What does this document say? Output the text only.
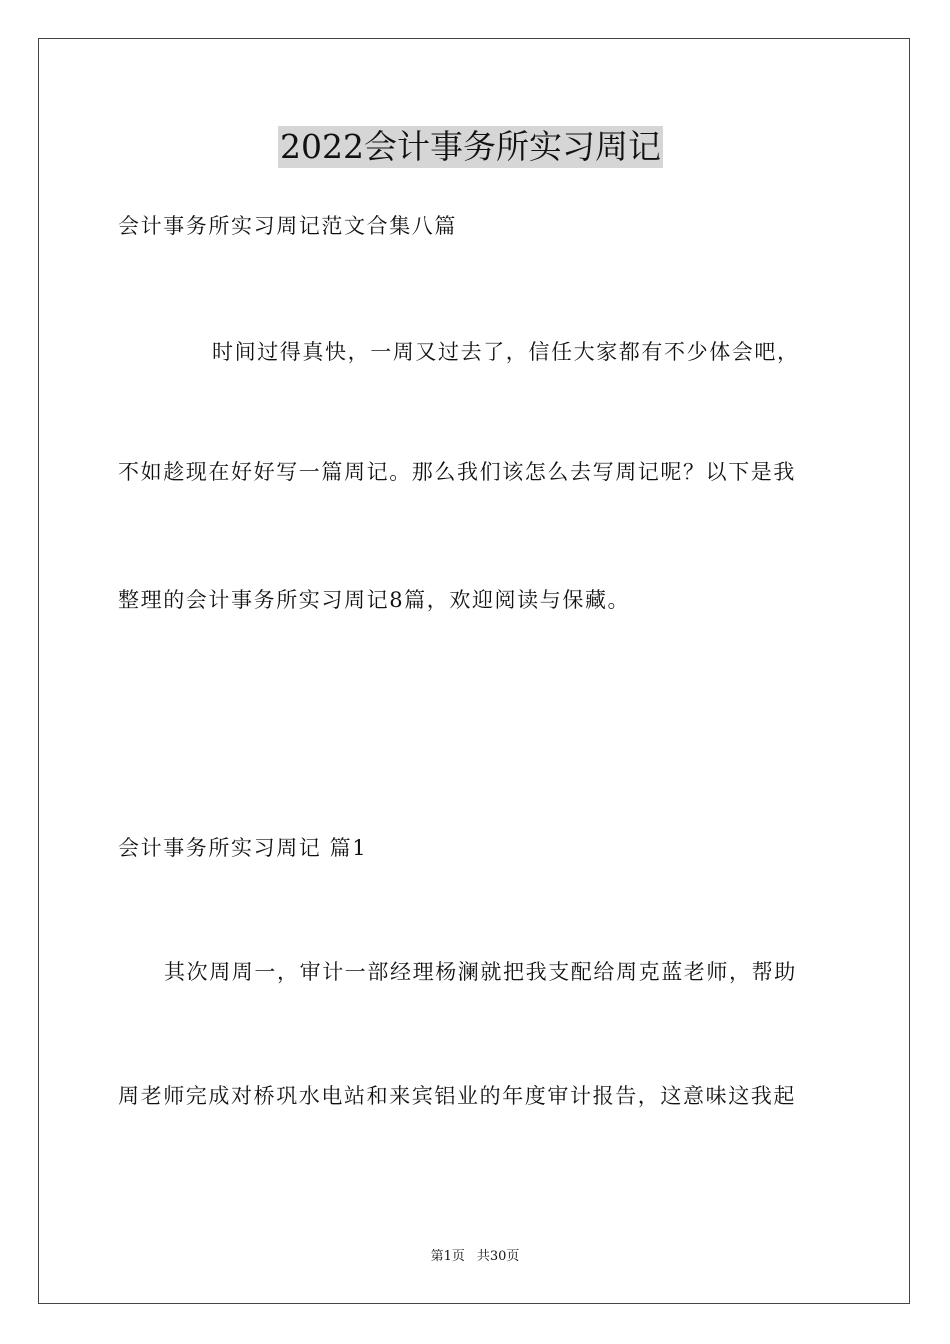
2022会计事务所实习周记
会计事务所实习周记范文合集八篇
时间过得真快，一周又过去了，信任大家都有不少体会吧，
不如趁现在好好写一篇周记。那么我们该怎么去写周记呢？以下是我
整理的会计事务所实习周记8篇，欢迎阅读与保藏。
会计事务所实习周记 篇1
其次周周一，审计一部经理杨澜就把我支配给周克蓝老师，帮助
周老师完成对桥巩水电站和来宾铝业的年度审计报告，这意味这我起
第1页 共30页
